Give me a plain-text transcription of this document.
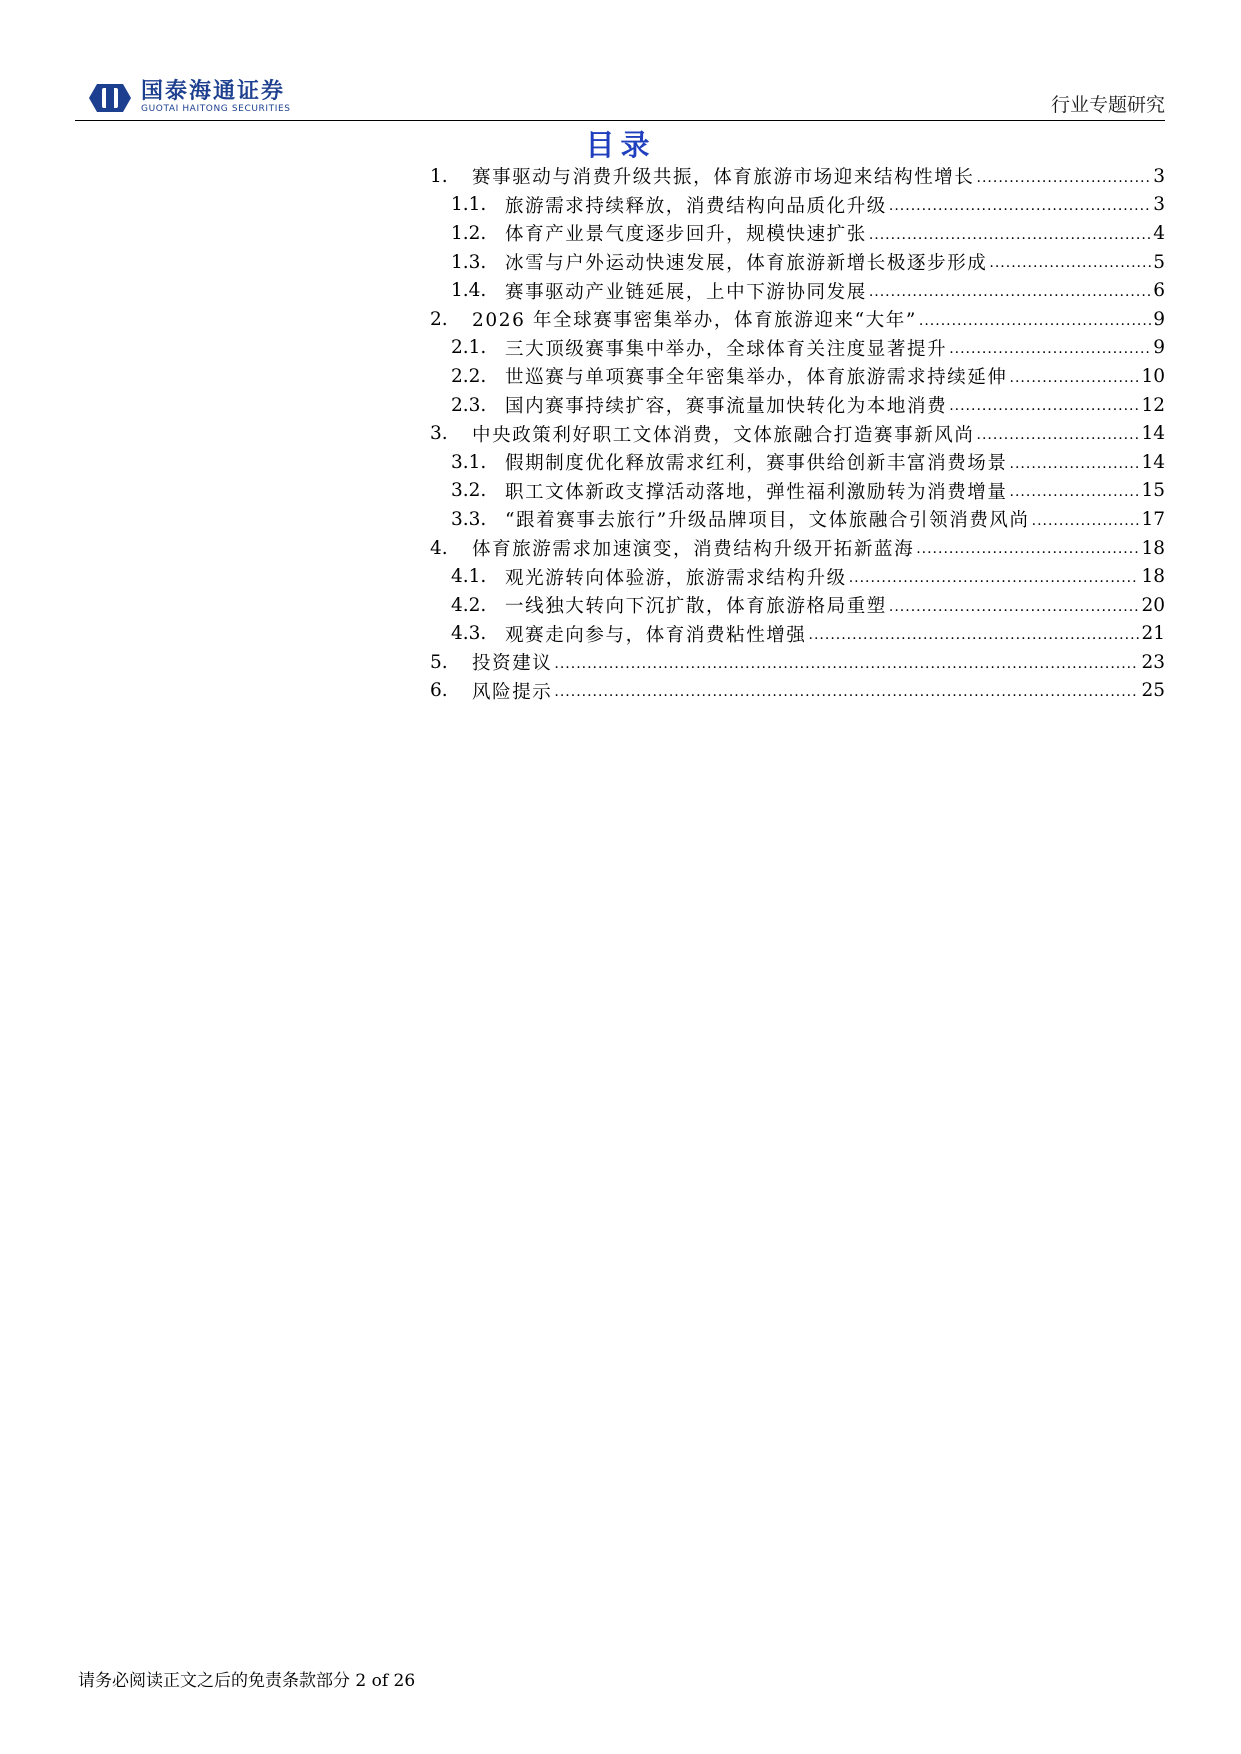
国泰海通证券
GUOTAI HAITONG SECURITIES	行业专题研究
目录
1.	赛事驱动与消费升级共振，体育旅游市场迎来结构性增长 .....	3
1.1.	旅游需求持续释放，消费结构向品质化升级 .....	3
1.2.	体育产业景气度逐步回升，规模快速扩张 .....	4
1.3.	冰雪与户外运动快速发展，体育旅游新增长极逐步形成 .....	5
1.4.	赛事驱动产业链延展，上中下游协同发展 .....	6
2.	2026 年全球赛事密集举办，体育旅游迎来“大年” .....	9
2.1.	三大顶级赛事集中举办，全球体育关注度显著提升 .....	9
2.2.	世巡赛与单项赛事全年密集举办，体育旅游需求持续延伸 .....	10
2.3.	国内赛事持续扩容，赛事流量加快转化为本地消费 .....	12
3.	中央政策利好职工文体消费，文体旅融合打造赛事新风尚 .....	14
3.1.	假期制度优化释放需求红利，赛事供给创新丰富消费场景 .....	14
3.2.	职工文体新政支撑活动落地，弹性福利激励转为消费增量 .....	15
3.3.	“跟着赛事去旅行”升级品牌项目，文体旅融合引领消费风尚 .....	17
4.	体育旅游需求加速演变，消费结构升级开拓新蓝海 .....	18
4.1.	观光游转向体验游，旅游需求结构升级 .....	18
4.2.	一线独大转向下沉扩散，体育旅游格局重塑 .....	20
4.3.	观赛走向参与，体育消费粘性增强 .....	21
5.	投资建议 .....	23
6.	风险提示 .....	25
请务必阅读正文之后的免责条款部分 2 of 26
